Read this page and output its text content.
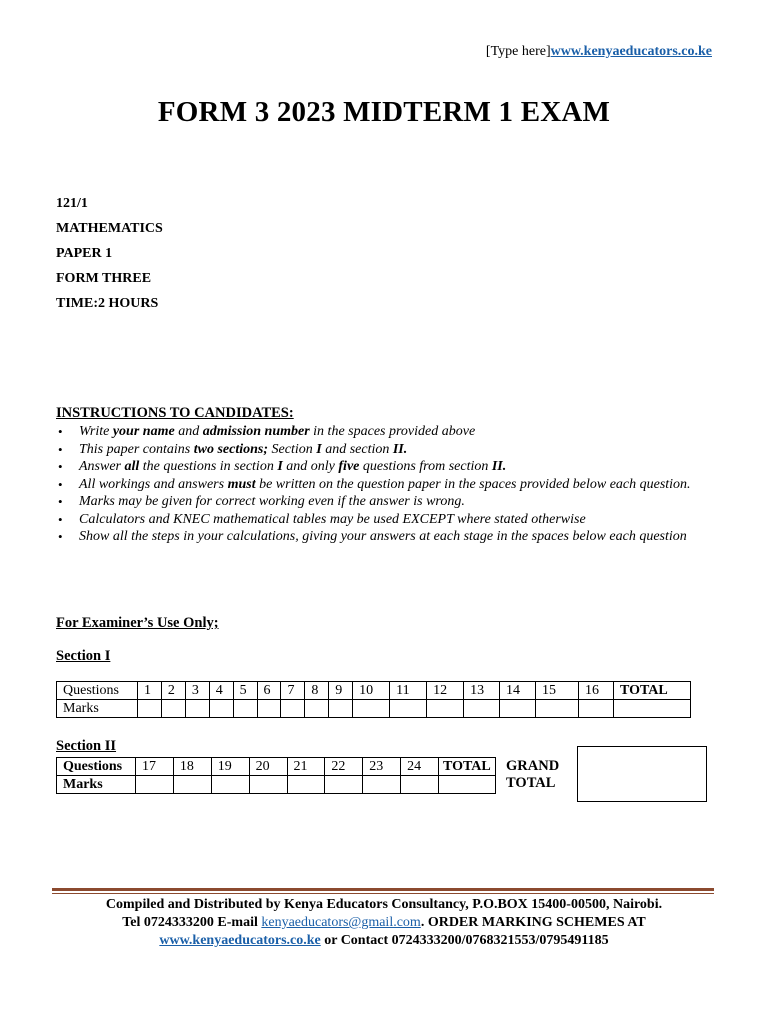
[Type here]www.kenyaeducators.co.ke
FORM 3 2023 MIDTERM 1 EXAM
121/1
MATHEMATICS
PAPER 1
FORM THREE
TIME:2 HOURS
INSTRUCTIONS TO CANDIDATES:
• Write your name and admission number in the spaces provided above
• This paper contains two sections; Section I and section II.
• Answer all the questions in section I and only five questions from section II.
• All workings and answers must be written on the question paper in the spaces provided below each question.
• Marks may be given for correct working even if the answer is wrong.
• Calculators and KNEC mathematical tables may be used EXCEPT where stated otherwise
• Show all the steps in your calculations, giving your answers at each stage in the spaces below each question
For Examiner’s Use Only;
Section I
Questions	1	2	3	4	5	6	7	8	9	10	11	12	13	14	15	16	TOTAL
Marks																	
Section II
Questions	17	18	19	20	21	22	23	24	TOTAL
Marks									
GRAND
TOTAL
Compiled and Distributed by Kenya Educators Consultancy, P.O.BOX 15400-00500, Nairobi.
Tel 0724333200 E-mail kenyaeducators@gmail.com. ORDER MARKING SCHEMES AT
www.kenyaeducators.co.ke or Contact 0724333200/0768321553/0795491185
